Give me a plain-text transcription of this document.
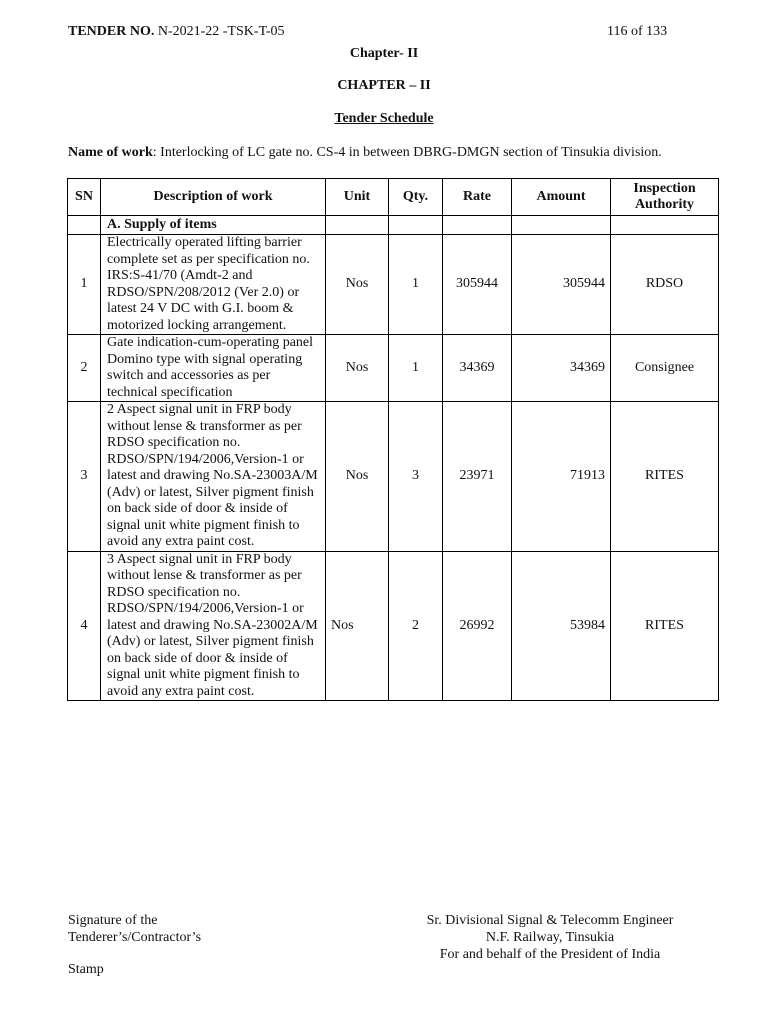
TENDER NO. N-2021-22 -TSK-T-05	116 of 133
Chapter- II
CHAPTER – II
Tender Schedule
Name of work: Interlocking of LC gate no. CS-4 in between DBRG-DMGN section of Tinsukia division.
SN	Description of work	Unit	Qty.	Rate	Amount	Inspection Authority
	A. Supply of items					
1	Electrically operated lifting barrier complete set as per specification no. IRS:S-41/70 (Amdt-2 and RDSO/SPN/208/2012 (Ver 2.0) or latest 24 V DC with G.I. boom & motorized locking arrangement.	Nos	1	305944	305944	RDSO
2	Gate indication-cum-operating panel Domino type with signal operating switch and accessories as per technical specification	Nos	1	34369	34369	Consignee
3	2 Aspect signal unit in FRP body without lense & transformer as per RDSO specification no. RDSO/SPN/194/2006,Version-1 or latest and drawing No.SA-23003A/M (Adv) or latest, Silver pigment finish on back side of door & inside of signal unit white pigment finish to avoid any extra paint cost.	Nos	3	23971	71913	RITES
4	3 Aspect signal unit in FRP body without lense & transformer as per RDSO specification no. RDSO/SPN/194/2006,Version-1 or latest and drawing No.SA-23002A/M (Adv) or latest, Silver pigment finish on back side of door & inside of signal unit white pigment finish to avoid any extra paint cost.	Nos	2	26992	53984	RITES
Signature of the
Tenderer’s/Contractor’s
Stamp
Sr. Divisional Signal & Telecomm Engineer
N.F. Railway, Tinsukia
For and behalf of the President of India
